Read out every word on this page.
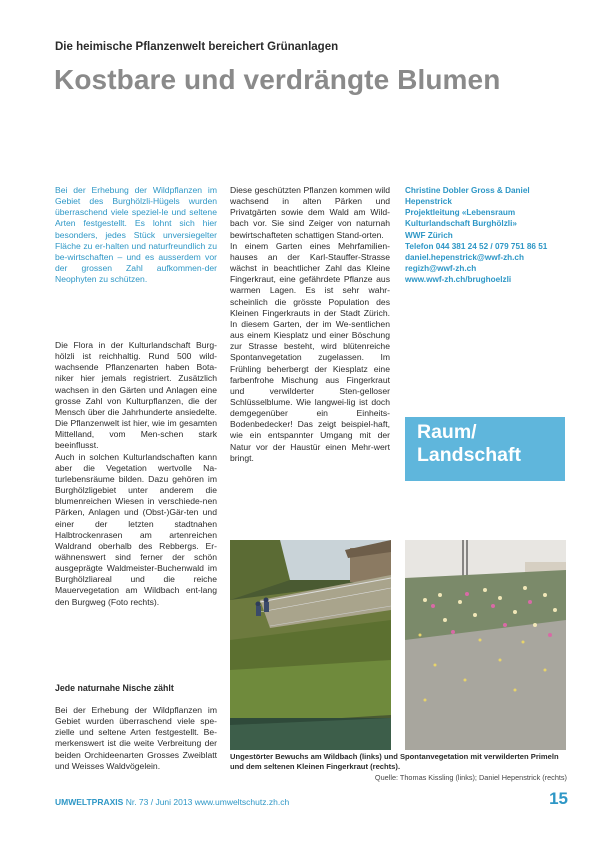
Die heimische Pflanzenwelt bereichert Grünanlagen
Kostbare und verdrängte Blumen

Bei der Erhebung der Wildpflanzen im Gebiet des Burghölzli-Hügels wurden überraschend viele speziel-le und seltene Arten festgestellt. Es lohnt sich hier besonders, jedes Stück unversiegelter Fläche zu er-halten und naturfreundlich zu be-wirtschaften – und es ausserdem vor der grossen Zahl aufkommen-der Neophyten zu schützen.

Die Flora in der Kulturlandschaft Burg-hölzli ist reichhaltig. Rund 500 wild-wachsende Pflanzenarten haben Bota-niker hier jemals registriert. Zusätzlich wachsen in den Gärten und Anlagen eine grosse Zahl von Kulturpflanzen, die der Mensch über die Jahrhunderte ansiedelte. Die Pflanzenwelt ist hier, wie im gesamten Mittelland, vom Men-schen stark beeinflusst.

Auch in solchen Kulturlandschaften kann aber die Vegetation wertvolle Na-turlebensräume bilden. Dazu gehören im Burghölzligebiet unter anderem die blumenreichen Wiesen in verschiede-nen Pärken, Anlagen und (Obst-)Gär-ten und einer der letzten stadtnahen Halbtrockenrasen am artenreichen Waldrand oberhalb des Rebbergs. Er-wähnenswert sind ferner der schön ausgeprägte Waldmeister-Buchenwald im Burghölzliareal und die reiche Mauervegetation am Wildbach ent-lang den Burgweg (Foto rechts).

Jede naturnahe Nische zählt

Bei der Erhebung der Wildpflanzen im Gebiet wurden überraschend viele spe-zielle und seltene Arten festgestellt. Be-merkenswert ist die weite Verbreitung der beiden Orchideenarten Grosses Zweiblatt und Weisses Waldvögelein.

Diese geschützten Pflanzen kommen wild wachsend in alten Pärken und Privatgärten sowie dem Wald am Wild-bach vor. Sie sind Zeiger von naturnah bewirtschafteten schattigen Stand-orten.

In einem Garten eines Mehrfamilien-hauses an der Karl-Stauffer-Strasse wächst in beachtlicher Zahl das Kleine Fingerkraut, eine gefährdete Pflanze aus warmen Lagen. Es ist sehr wahr-scheinlich die grösste Population des Kleinen Fingerkrauts in der Stadt Zürich. In diesem Garten, der im We-sentlichen aus einem Kiesplatz und einer Böschung zur Strasse besteht, wird blütenreiche Spontanvegetation zugelassen. Im Frühling beherbergt der Kiesplatz eine farbenfrohe Mischung aus Fingerkraut und verwilderter Sten-gelloser Schlüsselblume. Wie langwei-lig ist doch demgegenüber ein Einheits-Bodenbedecker! Das zeigt beispiel-haft, wie ein entspannter Umgang mit der Natur vor der Haustür einen Mehr-wert bringt.

Christine Dobler Gross & Daniel
Hepenstrick
Projektleitung «Lebensraum
Kulturlandschaft Burghölzli»
WWF Zürich
Telefon 044 381 24 52 / 079 751 86 51
daniel.hepenstrick@wwf-zh.ch
regizh@wwf-zh.ch
www.wwf-zh.ch/brughoelzli
Raum/
Landschaft
Ungestörter Bewuchs am Wildbach (links) und Spontanvegetation mit verwilderten Primeln und dem seltenen Kleinen Fingerkraut (rechts).
Quelle: Thomas Kissling (links); Daniel Hepenstrick (rechts)
UMWELTPRAXIS Nr. 73 / Juni 2013 www.umweltschutz.zh.ch	15
